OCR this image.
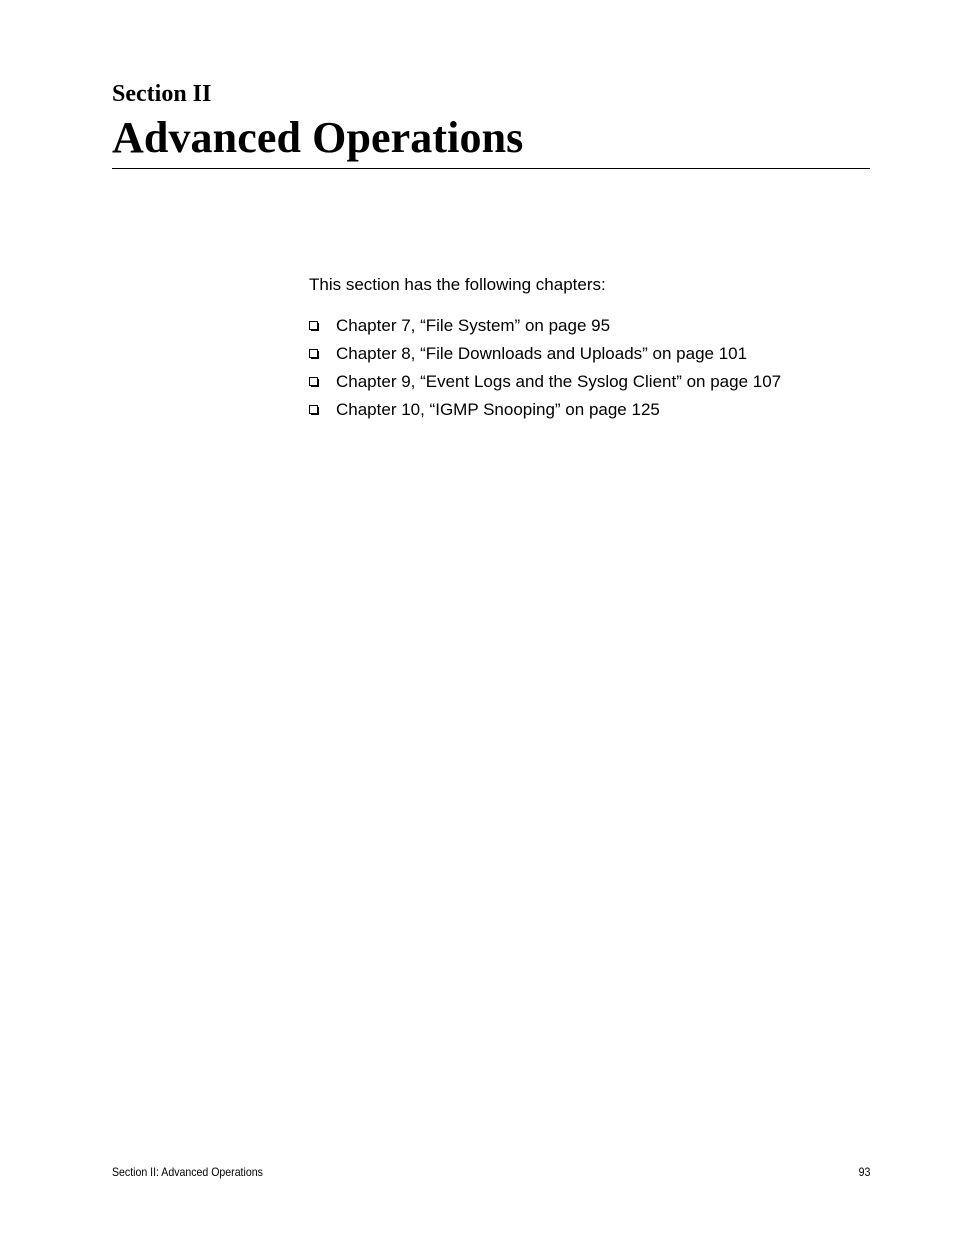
Section II
Advanced Operations

This section has the following chapters:

Chapter 7, “File System” on page 95
Chapter 8, “File Downloads and Uploads” on page 101
Chapter 9, “Event Logs and the Syslog Client” on page 107
Chapter 10, “IGMP Snooping” on page 125
Section II: Advanced Operations	93
